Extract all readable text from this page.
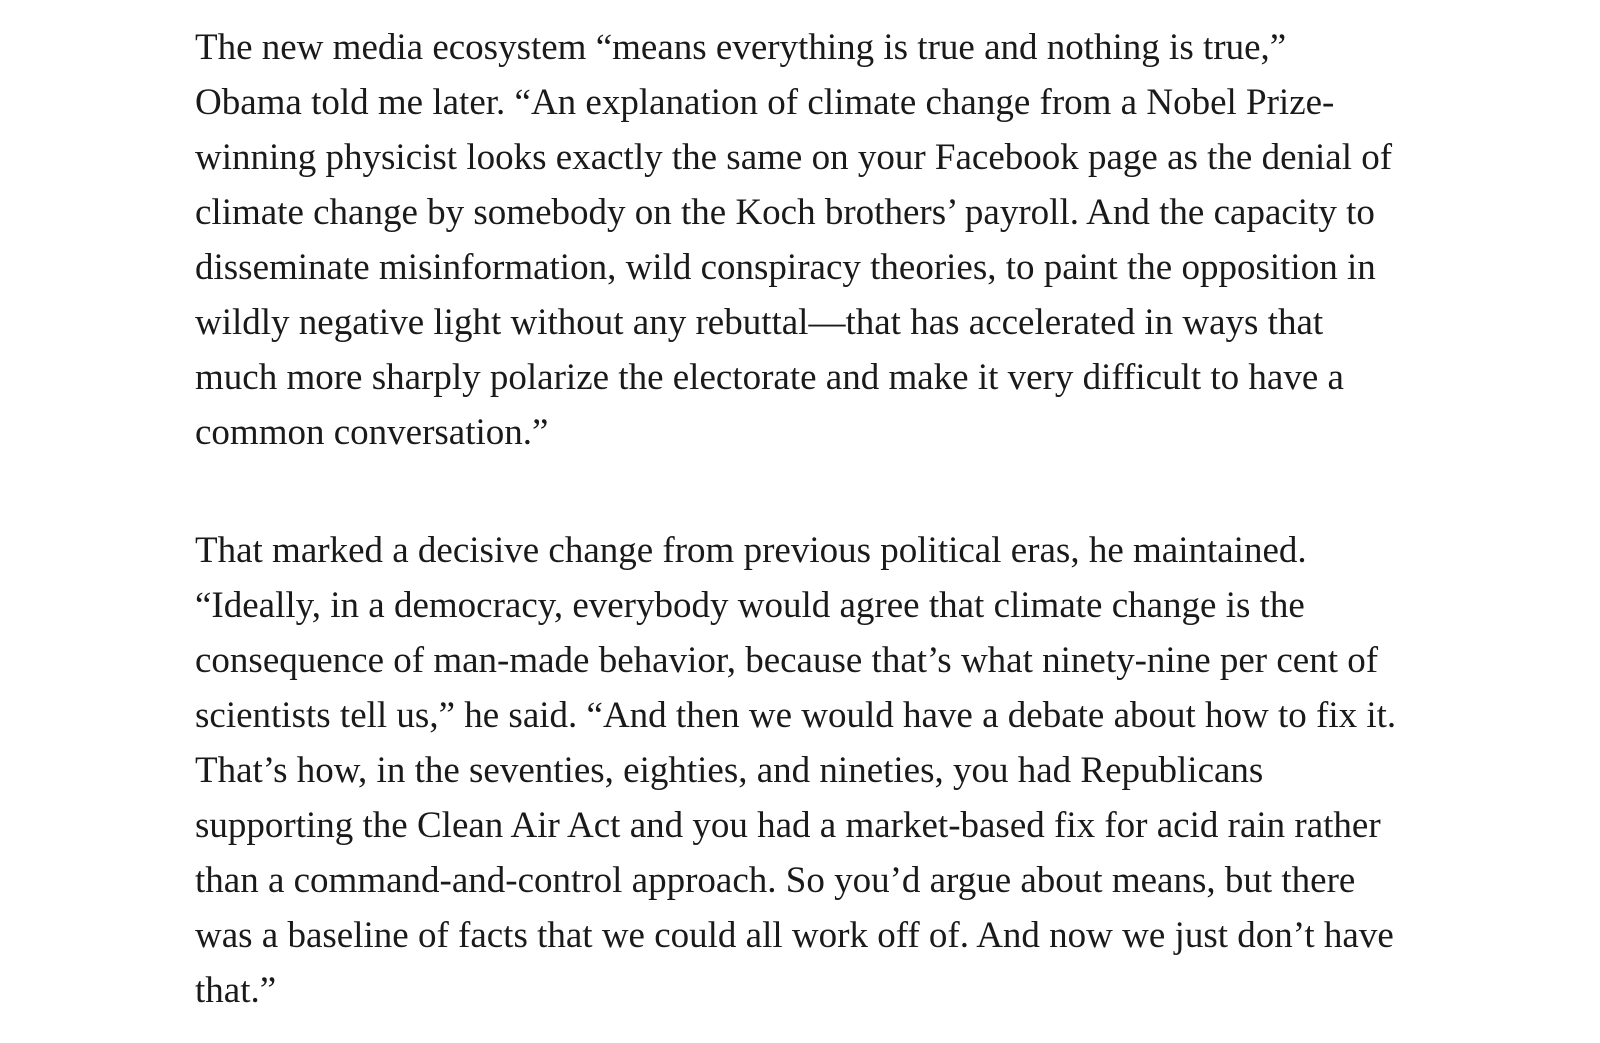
The new media ecosystem “means everything is true and nothing is true,”
Obama told me later. “An explanation of climate change from a Nobel Prize-
winning physicist looks exactly the same on your Facebook page as the denial of
climate change by somebody on the Koch brothers’ payroll. And the capacity to
disseminate misinformation, wild conspiracy theories, to paint the opposition in
wildly negative light without any rebuttal—that has accelerated in ways that
much more sharply polarize the electorate and make it very difficult to have a
common conversation.”

That marked a decisive change from previous political eras, he maintained.
“Ideally, in a democracy, everybody would agree that climate change is the
consequence of man-made behavior, because that’s what ninety-nine per cent of
scientists tell us,” he said. “And then we would have a debate about how to fix it.
That’s how, in the seventies, eighties, and nineties, you had Republicans
supporting the Clean Air Act and you had a market-based fix for acid rain rather
than a command-and-control approach. So you’d argue about means, but there
was a baseline of facts that we could all work off of. And now we just don’t have
that.”
